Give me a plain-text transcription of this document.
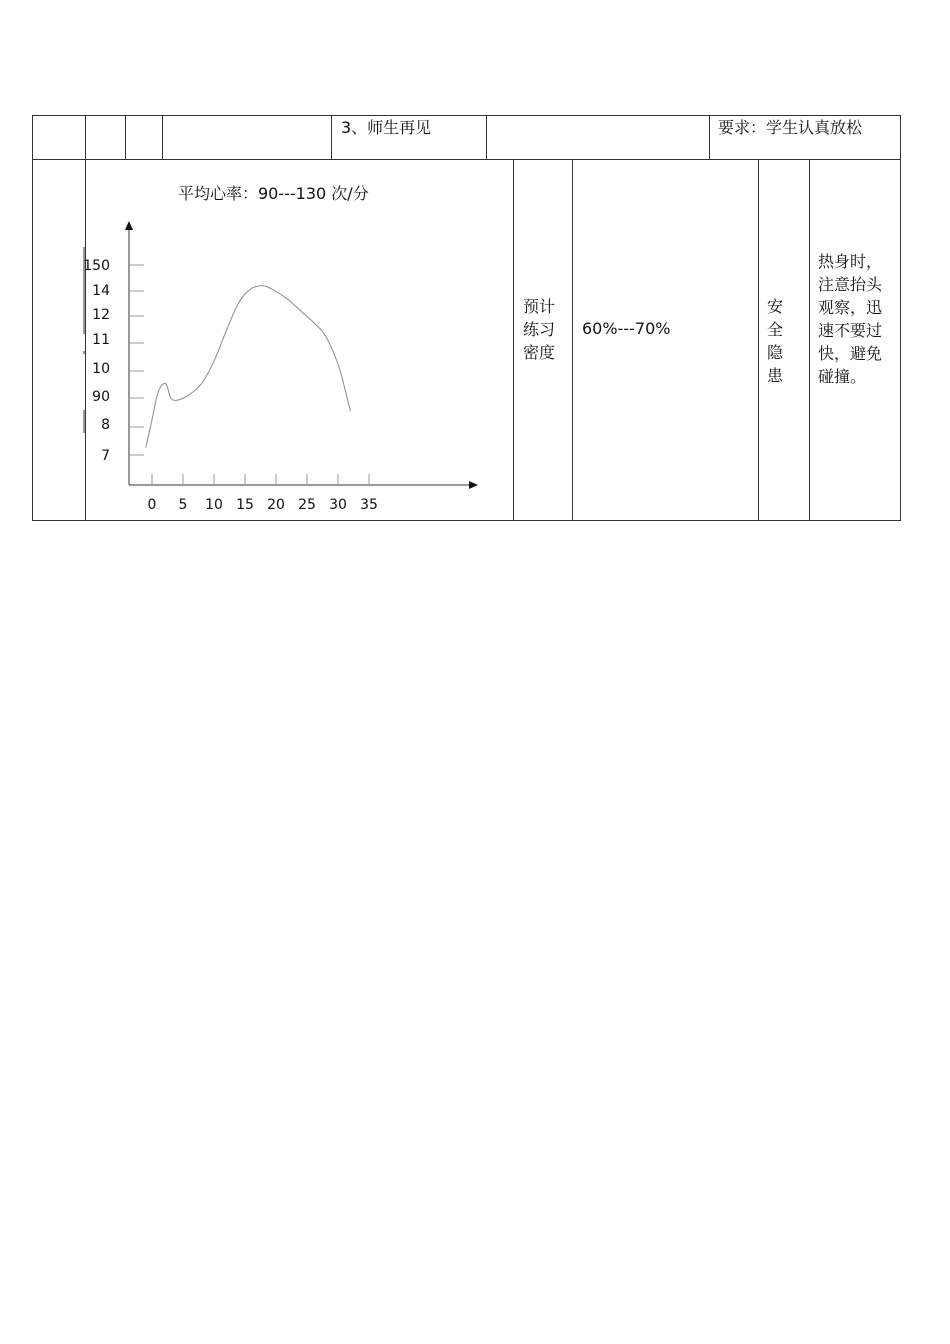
3、师生再见	要求：学生认真放松
平均心率：90---130 次/分
0 5 10 15 20 25 30 35
150
14
12
11
10
90
8
7
预计
练习
密度
60%---70%
安
全
隐
患
热身时，
注意抬头
观察，迅
速不要过
快，避免
碰撞。
